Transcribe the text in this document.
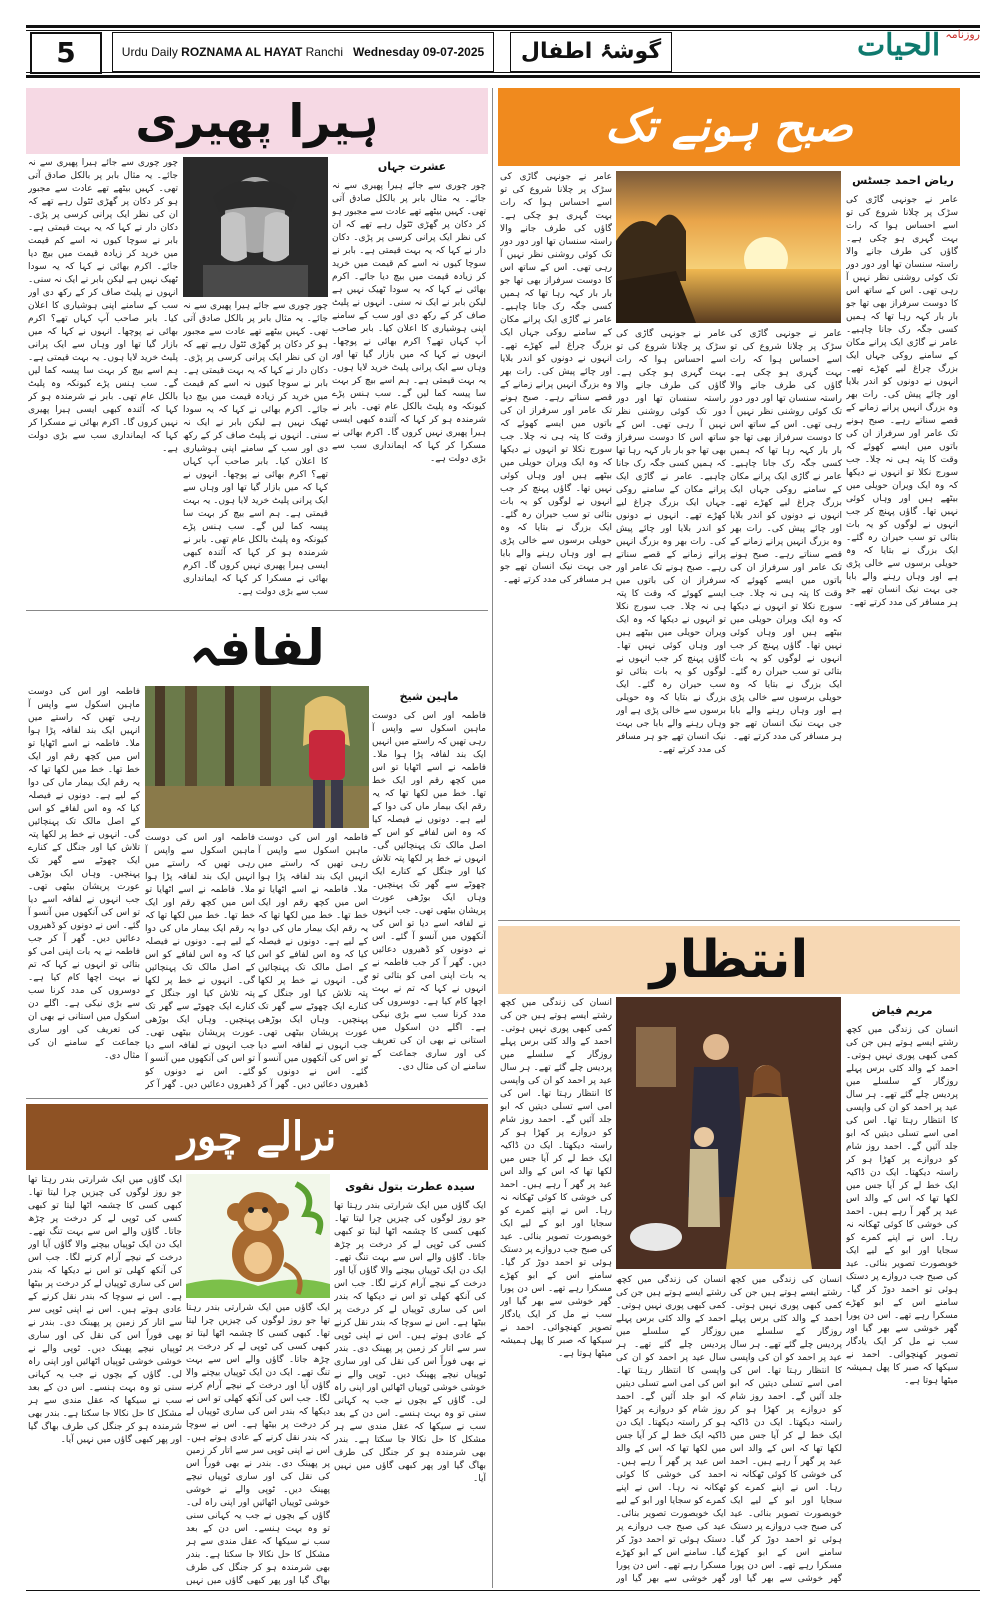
5	Urdu Daily ROZNAMA AL HAYAT Ranchi Wednesday 09-07-2025	گوشۂ اطفال
$^{روزنامہ}$ الحیات
ہیرا پھیری
عشرت جہاں
چور چوری سے جائے ہیرا پھیری سے نہ جائے۔ یہ مثال بابر پر بالکل صادق آتی تھی۔ کہیں بیٹھے تھے عادت سے مجبور ہو کر دکان پر گھڑی ٹٹول رہے تھے کہ ان کی نظر ایک پرانی کرسی پر پڑی۔ دکان دار نے کہا کہ یہ بہت قیمتی ہے۔ بابر نے سوچا کیوں نہ اسے کم قیمت میں خرید کر زیادہ قیمت میں بیچ دیا جائے۔ اکرم بھائی نے کہا کہ یہ سودا ٹھیک نہیں ہے لیکن بابر نے ایک نہ سنی۔ انہوں نے پلیٹ صاف کر کے رکھ دی اور سب کے سامنے اپنی ہوشیاری کا اعلان کیا۔ بابر صاحب آپ کہاں تھے؟ اکرم بھائی نے پوچھا۔ انہوں نے کہا کہ میں بازار گیا تھا اور وہاں سے ایک پرانی پلیٹ خرید لایا ہوں۔ یہ بہت قیمتی ہے۔ ہم اسے بیچ کر بہت سا پیسہ کما لیں گے۔ سب ہنس پڑے کیونکہ وہ پلیٹ بالکل عام تھی۔ بابر نے شرمندہ ہو کر کہا کہ آئندہ کبھی ایسی ہیرا پھیری نہیں کروں گا۔ اکرم بھائی نے مسکرا کر کہا کہ ایمانداری سب سے بڑی دولت ہے۔
چور چوری سے جائے ہیرا پھیری سے نہ جائے۔ یہ مثال بابر پر بالکل صادق آتی تھی۔ کہیں بیٹھے تھے عادت سے مجبور ہو کر دکان پر گھڑی ٹٹول رہے تھے کہ ان کی نظر ایک پرانی کرسی پر پڑی۔ دکان دار نے کہا کہ یہ بہت قیمتی ہے۔ بابر نے سوچا کیوں نہ اسے کم قیمت میں خرید کر زیادہ قیمت میں بیچ دیا جائے۔ اکرم بھائی نے کہا کہ یہ سودا ٹھیک نہیں ہے لیکن بابر نے ایک نہ سنی۔ انہوں نے پلیٹ صاف کر کے رکھ دی اور سب کے سامنے اپنی ہوشیاری کا اعلان کیا۔ بابر صاحب آپ کہاں تھے؟ اکرم بھائی نے پوچھا۔ انہوں نے کہا کہ میں بازار گیا تھا اور وہاں سے ایک پرانی پلیٹ خرید لایا ہوں۔ یہ بہت قیمتی ہے۔ ہم اسے بیچ کر بہت سا پیسہ کما لیں گے۔ سب ہنس پڑے کیونکہ وہ پلیٹ بالکل عام تھی۔ بابر نے شرمندہ ہو کر کہا کہ آئندہ کبھی ایسی ہیرا پھیری نہیں کروں گا۔ اکرم بھائی نے مسکرا کر کہا کہ ایمانداری سب سے بڑی دولت ہے۔
چور چوری سے جائے ہیرا پھیری سے نہ جائے۔ یہ مثال بابر پر بالکل صادق آتی تھی۔ کہیں بیٹھے تھے عادت سے مجبور ہو کر دکان پر گھڑی ٹٹول رہے تھے کہ ان کی نظر ایک پرانی کرسی پر پڑی۔ دکان دار نے کہا کہ یہ بہت قیمتی ہے۔ بابر نے سوچا کیوں نہ اسے کم قیمت میں خرید کر زیادہ قیمت میں بیچ دیا جائے۔ اکرم بھائی نے کہا کہ یہ سودا ٹھیک نہیں ہے لیکن بابر نے ایک نہ سنی۔ انہوں نے پلیٹ صاف کر کے رکھ دی اور سب کے سامنے اپنی ہوشیاری کا اعلان کیا۔ بابر صاحب آپ کہاں تھے؟ اکرم بھائی نے پوچھا۔ انہوں نے کہا کہ میں بازار گیا تھا اور وہاں سے ایک پرانی پلیٹ خرید لایا ہوں۔ یہ بہت قیمتی ہے۔ ہم اسے بیچ کر بہت سا پیسہ کما لیں گے۔ سب ہنس پڑے کیونکہ وہ پلیٹ بالکل عام تھی۔ بابر نے شرمندہ ہو کر کہا کہ آئندہ کبھی ایسی ہیرا پھیری نہیں کروں گا۔ اکرم بھائی نے مسکرا کر کہا کہ ایمانداری سب سے بڑی دولت ہے۔
صبح ہونے تک
ریاض احمد جسٹس
عامر نے جونہی گاڑی کی سڑک پر چلانا شروع کی تو اسے احساس ہوا کہ رات بہت گہری ہو چکی ہے۔ گاؤں کی طرف جانے والا راستہ سنسان تھا اور دور دور تک کوئی روشنی نظر نہیں آ رہی تھی۔ اس کے ساتھ اس کا دوست سرفراز بھی تھا جو بار بار کہہ رہا تھا کہ ہمیں کسی جگہ رک جانا چاہیے۔ عامر نے گاڑی ایک پرانے مکان کے سامنے روکی جہاں ایک بزرگ چراغ لیے کھڑے تھے۔ انہوں نے دونوں کو اندر بلایا اور چائے پیش کی۔ رات بھر وہ بزرگ انہیں پرانے زمانے کے قصے سناتے رہے۔ صبح ہونے تک عامر اور سرفراز ان کی باتوں میں ایسے کھوئے کہ وقت کا پتہ ہی نہ چلا۔ جب سورج نکلا تو انہوں نے دیکھا کہ وہ ایک ویران حویلی میں بیٹھے ہیں اور وہاں کوئی نہیں تھا۔ گاؤں پہنچ کر جب انہوں نے لوگوں کو یہ بات بتائی تو سب حیران رہ گئے۔ ایک بزرگ نے بتایا کہ وہ حویلی برسوں سے خالی پڑی ہے اور وہاں رہنے والے بابا جی بہت نیک انسان تھے جو ہر مسافر کی مدد کرتے تھے۔
عامر نے جونہی گاڑی کی سڑک پر چلانا شروع کی تو اسے احساس ہوا کہ رات بہت گہری ہو چکی ہے۔ گاؤں کی طرف جانے والا راستہ سنسان تھا اور دور دور تک کوئی روشنی نظر نہیں آ رہی تھی۔ اس کے ساتھ اس کا دوست سرفراز بھی تھا جو بار بار کہہ رہا تھا کہ ہمیں کسی جگہ رک جانا چاہیے۔ عامر نے گاڑی ایک پرانے مکان کے سامنے روکی جہاں ایک بزرگ چراغ لیے کھڑے تھے۔ انہوں نے دونوں کو اندر بلایا اور چائے پیش کی۔ رات بھر وہ بزرگ انہیں پرانے زمانے کے قصے سناتے رہے۔ صبح ہونے تک عامر اور سرفراز ان کی باتوں میں ایسے کھوئے کہ وقت کا پتہ ہی نہ چلا۔ جب سورج نکلا تو انہوں نے دیکھا کہ وہ ایک ویران حویلی میں بیٹھے ہیں اور وہاں کوئی نہیں تھا۔ گاؤں پہنچ کر جب انہوں نے لوگوں کو یہ بات بتائی تو سب حیران رہ گئے۔ ایک بزرگ نے بتایا کہ وہ حویلی برسوں سے خالی پڑی ہے اور وہاں رہنے والے بابا جی بہت نیک انسان تھے جو ہر مسافر کی مدد کرتے تھے۔
عامر نے جونہی گاڑی کی سڑک پر چلانا شروع کی تو اسے احساس ہوا کہ رات بہت گہری ہو چکی ہے۔ گاؤں کی طرف جانے والا راستہ سنسان تھا اور دور دور تک کوئی روشنی نظر نہیں آ رہی تھی۔ اس کے ساتھ اس کا دوست سرفراز بھی تھا جو بار بار کہہ رہا تھا کہ ہمیں کسی جگہ رک جانا چاہیے۔ عامر نے گاڑی ایک پرانے مکان کے سامنے روکی جہاں ایک بزرگ چراغ لیے کھڑے تھے۔ انہوں نے دونوں کو اندر بلایا اور چائے پیش کی۔ رات بھر وہ بزرگ انہیں پرانے زمانے کے قصے سناتے رہے۔ صبح ہونے تک عامر اور سرفراز ان کی باتوں میں ایسے کھوئے کہ وقت کا پتہ ہی نہ چلا۔ جب سورج نکلا تو انہوں نے دیکھا کہ وہ ایک ویران حویلی میں بیٹھے ہیں اور وہاں کوئی نہیں تھا۔ گاؤں پہنچ کر جب انہوں نے لوگوں کو یہ بات بتائی تو سب حیران رہ گئے۔ ایک بزرگ نے بتایا کہ وہ حویلی برسوں سے خالی پڑی ہے اور وہاں رہنے والے بابا جی بہت نیک انسان تھے جو ہر مسافر کی مدد کرتے تھے۔
عامر نے جونہی گاڑی کی سڑک پر چلانا شروع کی تو اسے احساس ہوا کہ رات بہت گہری ہو چکی ہے۔ گاؤں کی طرف جانے والا راستہ سنسان تھا اور دور دور تک کوئی روشنی نظر نہیں آ رہی تھی۔ اس کے ساتھ اس کا دوست سرفراز بھی تھا جو بار بار کہہ رہا تھا کہ ہمیں کسی جگہ رک جانا چاہیے۔ عامر نے گاڑی ایک پرانے مکان کے سامنے روکی جہاں ایک بزرگ چراغ لیے کھڑے تھے۔ انہوں نے دونوں کو اندر بلایا اور چائے پیش کی۔ رات بھر وہ بزرگ انہیں پرانے زمانے کے قصے سناتے رہے۔ صبح ہونے تک عامر اور سرفراز ان کی باتوں میں ایسے کھوئے کہ وقت کا پتہ ہی نہ چلا۔ جب سورج نکلا تو انہوں نے دیکھا کہ وہ ایک ویران حویلی میں بیٹھے ہیں اور وہاں کوئی نہیں تھا۔ گاؤں پہنچ کر جب انہوں نے لوگوں کو یہ بات بتائی تو سب حیران رہ گئے۔ ایک بزرگ نے بتایا کہ وہ حویلی برسوں سے خالی پڑی ہے اور وہاں رہنے والے بابا جی بہت نیک انسان تھے جو ہر مسافر کی مدد کرتے تھے۔
لفافہ
ماہین شیخ
فاطمہ اور اس کی دوست ماہین اسکول سے واپس آ رہی تھیں کہ راستے میں انہیں ایک بند لفافہ پڑا ہوا ملا۔ فاطمہ نے اسے اٹھایا تو اس میں کچھ رقم اور ایک خط تھا۔ خط میں لکھا تھا کہ یہ رقم ایک بیمار ماں کی دوا کے لیے ہے۔ دونوں نے فیصلہ کیا کہ وہ اس لفافے کو اس کے اصل مالک تک پہنچائیں گی۔ انہوں نے خط پر لکھا پتہ تلاش کیا اور جنگل کے کنارے ایک چھوٹے سے گھر تک پہنچیں۔ وہاں ایک بوڑھی عورت پریشان بیٹھی تھی۔ جب انہوں نے لفافہ اسے دیا تو اس کی آنکھوں میں آنسو آ گئے۔ اس نے دونوں کو ڈھیروں دعائیں دیں۔ گھر آ کر جب فاطمہ نے یہ بات اپنی امی کو بتائی تو انہوں نے کہا کہ تم نے بہت اچھا کام کیا ہے۔ دوسروں کی مدد کرنا سب سے بڑی نیکی ہے۔ اگلے دن اسکول میں استانی نے بھی ان کی تعریف کی اور ساری جماعت کے سامنے ان کی مثال دی۔
فاطمہ اور اس کی دوست ماہین اسکول سے واپس آ رہی تھیں کہ راستے میں انہیں ایک بند لفافہ پڑا ہوا ملا۔ فاطمہ نے اسے اٹھایا تو اس میں کچھ رقم اور ایک خط تھا۔ خط میں لکھا تھا کہ یہ رقم ایک بیمار ماں کی دوا کے لیے ہے۔ دونوں نے فیصلہ کیا کہ وہ اس لفافے کو اس کے اصل مالک تک پہنچائیں گی۔ انہوں نے خط پر لکھا پتہ تلاش کیا اور جنگل کے کنارے ایک چھوٹے سے گھر تک پہنچیں۔ وہاں ایک بوڑھی عورت پریشان بیٹھی تھی۔ جب انہوں نے لفافہ اسے دیا تو اس کی آنکھوں میں آنسو آ گئے۔ اس نے دونوں کو ڈھیروں دعائیں دیں۔ گھر آ کر
فاطمہ اور اس کی دوست ماہین اسکول سے واپس آ رہی تھیں کہ راستے میں انہیں ایک بند لفافہ پڑا ہوا ملا۔ فاطمہ نے اسے اٹھایا تو اس میں کچھ رقم اور ایک خط تھا۔ خط میں لکھا تھا کہ یہ رقم ایک بیمار ماں کی دوا کے لیے ہے۔ دونوں نے فیصلہ کیا کہ وہ اس لفافے کو اس کے اصل مالک تک پہنچائیں گی۔ انہوں نے خط پر لکھا پتہ تلاش کیا اور جنگل کے کنارے ایک چھوٹے سے گھر تک پہنچیں۔ وہاں ایک بوڑھی عورت پریشان بیٹھی تھی۔ جب انہوں نے لفافہ اسے دیا تو اس کی آنکھوں میں آنسو آ گئے۔ اس نے دونوں کو ڈھیروں دعائیں دیں۔ گھر آ کر
فاطمہ اور اس کی دوست ماہین اسکول سے واپس آ رہی تھیں کہ راستے میں انہیں ایک بند لفافہ پڑا ہوا ملا۔ فاطمہ نے اسے اٹھایا تو اس میں کچھ رقم اور ایک خط تھا۔ خط میں لکھا تھا کہ یہ رقم ایک بیمار ماں کی دوا کے لیے ہے۔ دونوں نے فیصلہ کیا کہ وہ اس لفافے کو اس کے اصل مالک تک پہنچائیں گی۔ انہوں نے خط پر لکھا پتہ تلاش کیا اور جنگل کے کنارے ایک چھوٹے سے گھر تک پہنچیں۔ وہاں ایک بوڑھی عورت پریشان بیٹھی تھی۔ جب انہوں نے لفافہ اسے دیا تو اس کی آنکھوں میں آنسو آ گئے۔ اس نے دونوں کو ڈھیروں دعائیں دیں۔ گھر آ کر جب فاطمہ نے یہ بات اپنی امی کو بتائی تو انہوں نے کہا کہ تم نے بہت اچھا کام کیا ہے۔ دوسروں کی مدد کرنا سب سے بڑی نیکی ہے۔ اگلے دن اسکول میں استانی نے بھی ان کی تعریف کی اور ساری جماعت کے سامنے ان کی مثال دی۔
انتظار
مریم فیاض
انسان کی زندگی میں کچھ رشتے ایسے ہوتے ہیں جن کی کمی کبھی پوری نہیں ہوتی۔ احمد کے والد کئی برس پہلے روزگار کے سلسلے میں پردیس چلے گئے تھے۔ ہر سال عید پر احمد کو ان کی واپسی کا انتظار رہتا تھا۔ اس کی امی اسے تسلی دیتیں کہ ابو جلد آئیں گے۔ احمد روز شام کو دروازے پر کھڑا ہو کر راستہ دیکھتا۔ ایک دن ڈاکیہ ایک خط لے کر آیا جس میں لکھا تھا کہ اس کے والد اس عید پر گھر آ رہے ہیں۔ احمد کی خوشی کا کوئی ٹھکانہ نہ رہا۔ اس نے اپنے کمرے کو سجایا اور ابو کے لیے ایک خوبصورت تصویر بنائی۔ عید کی صبح جب دروازے پر دستک ہوئی تو احمد دوڑ کر گیا۔ سامنے اس کے ابو کھڑے مسکرا رہے تھے۔ اس دن پورا گھر خوشی سے بھر گیا اور سب نے مل کر ایک یادگار تصویر کھنچوائی۔ احمد نے سیکھا کہ صبر کا پھل ہمیشہ میٹھا ہوتا ہے۔
انسان کی زندگی میں کچھ رشتے ایسے ہوتے ہیں جن کی کمی کبھی پوری نہیں ہوتی۔ احمد کے والد کئی برس پہلے روزگار کے سلسلے میں پردیس چلے گئے تھے۔ ہر سال عید پر احمد کو ان کی واپسی کا انتظار رہتا تھا۔ اس کی امی اسے تسلی دیتیں کہ ابو جلد آئیں گے۔ احمد روز شام کو دروازے پر کھڑا ہو کر راستہ دیکھتا۔ ایک دن ڈاکیہ ایک خط لے کر آیا جس میں لکھا تھا کہ اس کے والد اس عید پر گھر آ رہے ہیں۔ احمد کی خوشی کا کوئی ٹھکانہ نہ رہا۔ اس نے اپنے کمرے کو سجایا اور ابو کے لیے ایک خوبصورت تصویر بنائی۔ عید کی صبح جب دروازے پر دستک ہوئی تو احمد دوڑ کر گیا۔ سامنے اس کے ابو کھڑے مسکرا رہے تھے۔ اس دن پورا گھر خوشی سے بھر گیا اور
انسان کی زندگی میں کچھ رشتے ایسے ہوتے ہیں جن کی کمی کبھی پوری نہیں ہوتی۔ احمد کے والد کئی برس پہلے روزگار کے سلسلے میں پردیس چلے گئے تھے۔ ہر سال عید پر احمد کو ان کی واپسی کا انتظار رہتا تھا۔ اس کی امی اسے تسلی دیتیں کہ ابو جلد آئیں گے۔ احمد روز شام کو دروازے پر کھڑا ہو کر راستہ دیکھتا۔ ایک دن ڈاکیہ ایک خط لے کر آیا جس میں لکھا تھا کہ اس کے والد اس عید پر گھر آ رہے ہیں۔ احمد کی خوشی کا کوئی ٹھکانہ نہ رہا۔ اس نے اپنے کمرے کو سجایا اور ابو کے لیے ایک خوبصورت تصویر بنائی۔ عید کی صبح جب دروازے پر دستک ہوئی تو احمد دوڑ کر گیا۔ سامنے اس کے ابو کھڑے مسکرا رہے تھے۔ اس دن پورا گھر خوشی سے بھر گیا اور
انسان کی زندگی میں کچھ رشتے ایسے ہوتے ہیں جن کی کمی کبھی پوری نہیں ہوتی۔ احمد کے والد کئی برس پہلے روزگار کے سلسلے میں پردیس چلے گئے تھے۔ ہر سال عید پر احمد کو ان کی واپسی کا انتظار رہتا تھا۔ اس کی امی اسے تسلی دیتیں کہ ابو جلد آئیں گے۔ احمد روز شام کو دروازے پر کھڑا ہو کر راستہ دیکھتا۔ ایک دن ڈاکیہ ایک خط لے کر آیا جس میں لکھا تھا کہ اس کے والد اس عید پر گھر آ رہے ہیں۔ احمد کی خوشی کا کوئی ٹھکانہ نہ رہا۔ اس نے اپنے کمرے کو سجایا اور ابو کے لیے ایک خوبصورت تصویر بنائی۔ عید کی صبح جب دروازے پر دستک ہوئی تو احمد دوڑ کر گیا۔ سامنے اس کے ابو کھڑے مسکرا رہے تھے۔ اس دن پورا گھر خوشی سے بھر گیا اور سب نے مل کر ایک یادگار تصویر کھنچوائی۔ احمد نے سیکھا کہ صبر کا پھل ہمیشہ میٹھا ہوتا ہے۔
نرالے چور
سیدہ عطرت بتول نقوی
ایک گاؤں میں ایک شرارتی بندر رہتا تھا جو روز لوگوں کی چیزیں چرا لیتا تھا۔ کبھی کسی کا چشمہ اٹھا لیتا تو کبھی کسی کی ٹوپی لے کر درخت پر چڑھ جاتا۔ گاؤں والے اس سے بہت تنگ تھے۔ ایک دن ایک ٹوپیاں بیچنے والا گاؤں آیا اور درخت کے نیچے آرام کرنے لگا۔ جب اس کی آنکھ کھلی تو اس نے دیکھا کہ بندر اس کی ساری ٹوپیاں لے کر درخت پر بیٹھا ہے۔ اس نے سوچا کہ بندر نقل کرنے کے عادی ہوتے ہیں۔ اس نے اپنی ٹوپی سر سے اتار کر زمین پر پھینک دی۔ بندر نے بھی فوراً اس کی نقل کی اور ساری ٹوپیاں نیچے پھینک دیں۔ ٹوپی والے نے خوشی خوشی ٹوپیاں اٹھائیں اور اپنی راہ لی۔ گاؤں کے بچوں نے جب یہ کہانی سنی تو وہ بہت ہنسے۔ اس دن کے بعد سب نے سیکھا کہ عقل مندی سے ہر مشکل کا حل نکالا جا سکتا ہے۔ بندر بھی شرمندہ ہو کر جنگل کی طرف بھاگ گیا اور پھر کبھی گاؤں میں نہیں آیا۔
ایک گاؤں میں ایک شرارتی بندر رہتا تھا جو روز لوگوں کی چیزیں چرا لیتا تھا۔ کبھی کسی کا چشمہ اٹھا لیتا تو کبھی کسی کی ٹوپی لے کر درخت پر چڑھ جاتا۔ گاؤں والے اس سے بہت تنگ تھے۔ ایک دن ایک ٹوپیاں بیچنے والا گاؤں آیا اور درخت کے نیچے آرام کرنے لگا۔ جب اس کی آنکھ کھلی تو اس نے دیکھا کہ بندر اس کی ساری ٹوپیاں لے کر درخت پر بیٹھا ہے۔ اس نے سوچا کہ بندر نقل کرنے کے عادی ہوتے ہیں۔ اس نے اپنی ٹوپی سر سے اتار کر زمین پر پھینک دی۔ بندر نے بھی فوراً اس کی نقل کی اور ساری ٹوپیاں نیچے پھینک دیں۔ ٹوپی والے نے خوشی خوشی ٹوپیاں اٹھائیں اور اپنی راہ لی۔ گاؤں کے بچوں نے جب یہ کہانی سنی تو وہ بہت ہنسے۔ اس دن کے بعد سب نے سیکھا کہ عقل مندی سے ہر مشکل کا حل نکالا جا سکتا ہے۔ بندر بھی شرمندہ ہو کر جنگل کی طرف بھاگ گیا اور پھر کبھی گاؤں میں نہیں
ایک گاؤں میں ایک شرارتی بندر رہتا تھا جو روز لوگوں کی چیزیں چرا لیتا تھا۔ کبھی کسی کا چشمہ اٹھا لیتا تو کبھی کسی کی ٹوپی لے کر درخت پر چڑھ جاتا۔ گاؤں والے اس سے بہت تنگ تھے۔ ایک دن ایک ٹوپیاں بیچنے والا گاؤں آیا اور درخت کے نیچے آرام کرنے لگا۔ جب اس کی آنکھ کھلی تو اس نے دیکھا کہ بندر اس کی ساری ٹوپیاں لے کر درخت پر بیٹھا ہے۔ اس نے سوچا کہ بندر نقل کرنے کے عادی ہوتے ہیں۔ اس نے اپنی ٹوپی سر سے اتار کر زمین پر پھینک دی۔ بندر نے بھی فوراً اس کی نقل کی اور ساری ٹوپیاں نیچے پھینک دیں۔ ٹوپی والے نے خوشی خوشی ٹوپیاں اٹھائیں اور اپنی راہ لی۔ گاؤں کے بچوں نے جب یہ کہانی سنی تو وہ بہت ہنسے۔ اس دن کے بعد سب نے سیکھا کہ عقل مندی سے ہر مشکل کا حل نکالا جا سکتا ہے۔ بندر بھی شرمندہ ہو کر جنگل کی طرف بھاگ گیا اور پھر کبھی گاؤں میں نہیں آیا۔
